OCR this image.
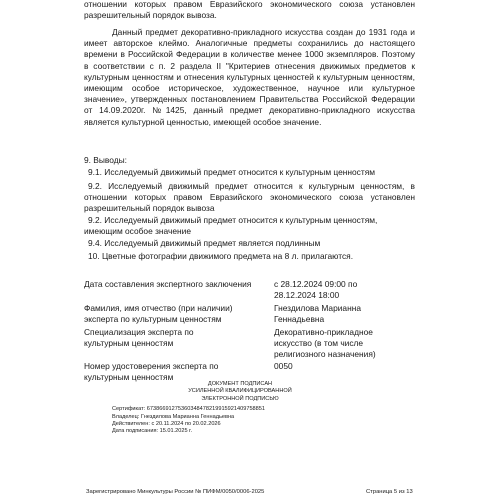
отношении которых правом Евразийского экономического союза установлен разрешительный порядок вывоза.

Данный предмет декоративно-прикладного искусства создан до 1931 года и имеет авторское клеймо. Аналогичные предметы сохранились до настоящего времени в Российской Федерации в количестве менее 1000 экземпляров. Поэтому в соответствии с п. 2 раздела II "Критериев отнесения движимых предметов к культурным ценностям и отнесения культурных ценностей к культурным ценностям, имеющим особое историческое, художественное, научное или культурное значение», утвержденных постановлением Правительства Российской Федерации от 14.09.2020г. №1425, данный предмет декоративно-прикладного искусства является культурной ценностью, имеющей особое значение.

9. Выводы:
9.1. Исследуемый движимый предмет относится к культурным ценностям

9.2. Исследуемый движимый предмет относится к культурным ценностям, в отношении которых правом Евразийского экономического союза установлен разрешительный порядок вывоза

9.2. Исследуемый движимый предмет относится к культурным ценностям, имеющим особое значение

9.4. Исследуемый движимый предмет является подлинным
10. Цветные фотографии движимого предмета на 8 л. прилагаются.
Дата составления экспертного заключения	с 28.12.2024 09:00 по 28.12.2024 18:00
Фамилия, имя отчество (при наличии) эксперта по культурным ценностям
Гнездилова Марианна Геннадьевна
Специализация эксперта по культурным ценностям
Декоративно-прикладное искусство (в том числе религиозного назначения)
Номер удостоверения эксперта по культурным ценностям
0050
ДОКУМЕНТ ПОДПИСАН
УСИЛЕННОЙ КВАЛИФИЦИРОВАННОЙ
ЭЛЕКТРОННОЙ ПОДПИСЬЮ
Сертификат: 67386691275360348478219915921409758851
Владелец: Гнездилова Марианна Геннадьевна
Действителен: с 20.11.2024 по 20.02.2026
Дата подписания: 15.01.2025 г.
Зарегистрировано Минкультуры России № ПИФМ/0050/0006-2025	Страница 5 из 13
